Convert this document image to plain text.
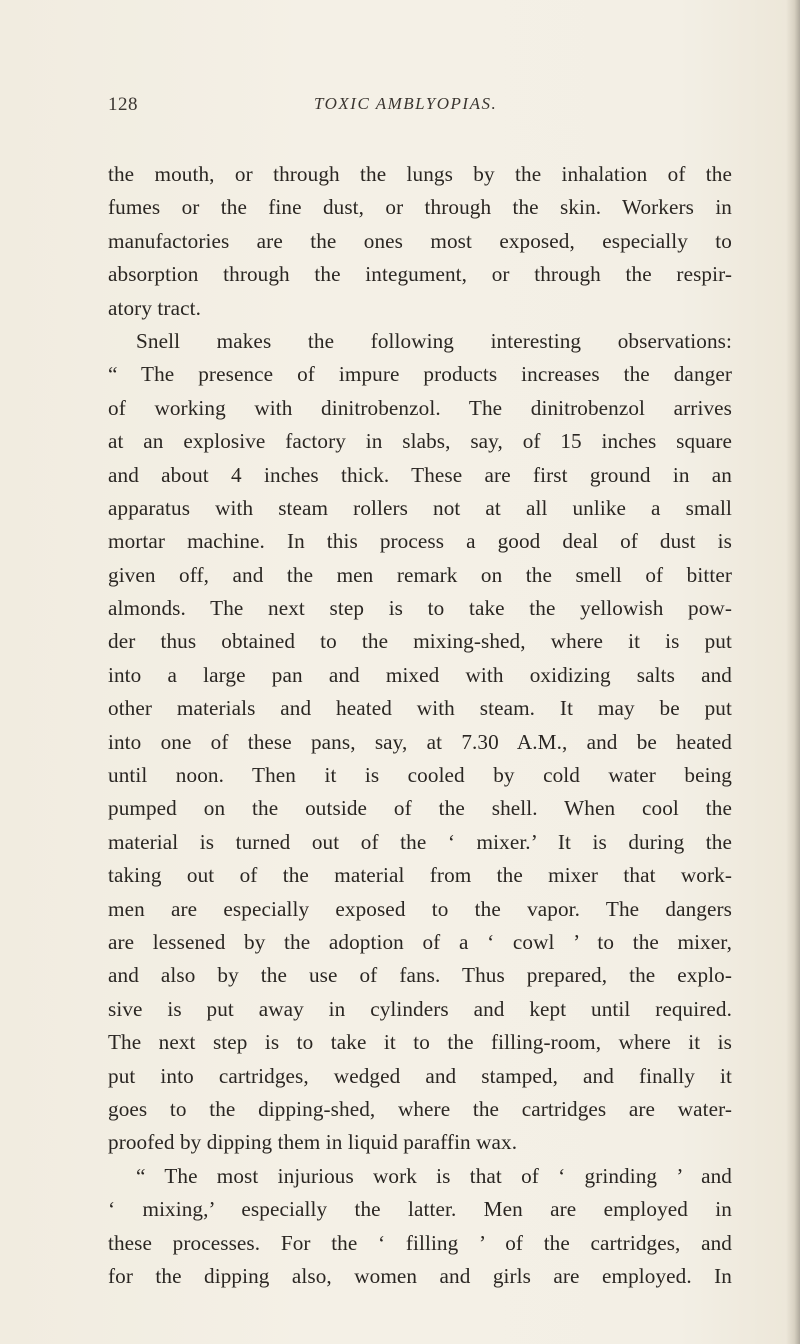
128	TOXIC AMBLYOPIAS.
the mouth, or through the lungs by the inhalation of the
fumes or the fine dust, or through the skin. Workers in
manufactories are the ones most exposed, especially to
absorption through the integument, or through the respir-
atory tract.
Snell makes the following interesting observations:
“ The presence of impure products increases the danger
of working with dinitrobenzol. The dinitrobenzol arrives
at an explosive factory in slabs, say, of 15 inches square
and about 4 inches thick. These are first ground in an
apparatus with steam rollers not at all unlike a small
mortar machine. In this process a good deal of dust is
given off, and the men remark on the smell of bitter
almonds. The next step is to take the yellowish pow-
der thus obtained to the mixing-shed, where it is put
into a large pan and mixed with oxidizing salts and
other materials and heated with steam. It may be put
into one of these pans, say, at 7.30 A.M., and be heated
until noon. Then it is cooled by cold water being
pumped on the outside of the shell. When cool the
material is turned out of the ‘ mixer.’ It is during the
taking out of the material from the mixer that work-
men are especially exposed to the vapor. The dangers
are lessened by the adoption of a ‘ cowl ’ to the mixer,
and also by the use of fans. Thus prepared, the explo-
sive is put away in cylinders and kept until required.
The next step is to take it to the filling-room, where it is
put into cartridges, wedged and stamped, and finally it
goes to the dipping-shed, where the cartridges are water-
proofed by dipping them in liquid paraffin wax.
“ The most injurious work is that of ‘ grinding ’ and
‘ mixing,’ especially the latter. Men are employed in
these processes. For the ‘ filling ’ of the cartridges, and
for the dipping also, women and girls are employed. In
